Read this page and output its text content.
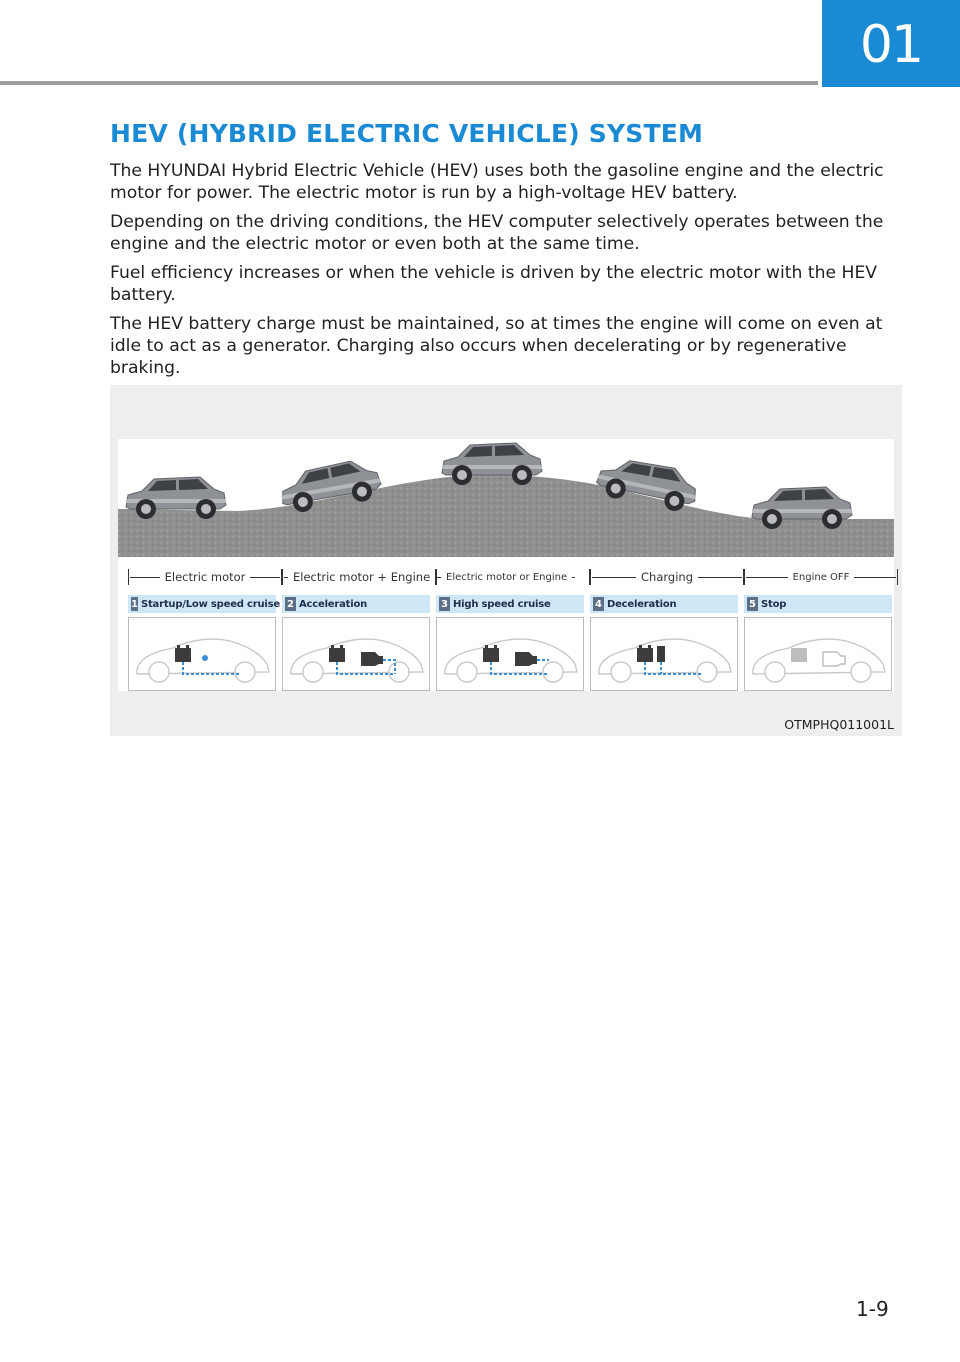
01
HEV (HYBRID ELECTRIC VEHICLE) SYSTEM

The HYUNDAI Hybrid Electric Vehicle (HEV) uses both the gasoline engine and the electric motor for power. The electric motor is run by a high-voltage HEV battery.

Depending on the driving conditions, the HEV computer selectively operates between the engine and the electric motor or even both at the same time.

Fuel efficiency increases or when the vehicle is driven by the electric motor with the HEV battery.

The HEV battery charge must be maintained, so at times the engine will come on even at idle to act as a generator. Charging also occurs when decelerating or by regenerative braking.

Electric motor	Electric motor + Engine	Electric motor or Engine	Charging	Engine OFF
1 Startup/Low speed cruise 2 Acceleration	3 High speed cruise	4 Deceleration	5 Stop
OTMPHQ011001L
1-9
